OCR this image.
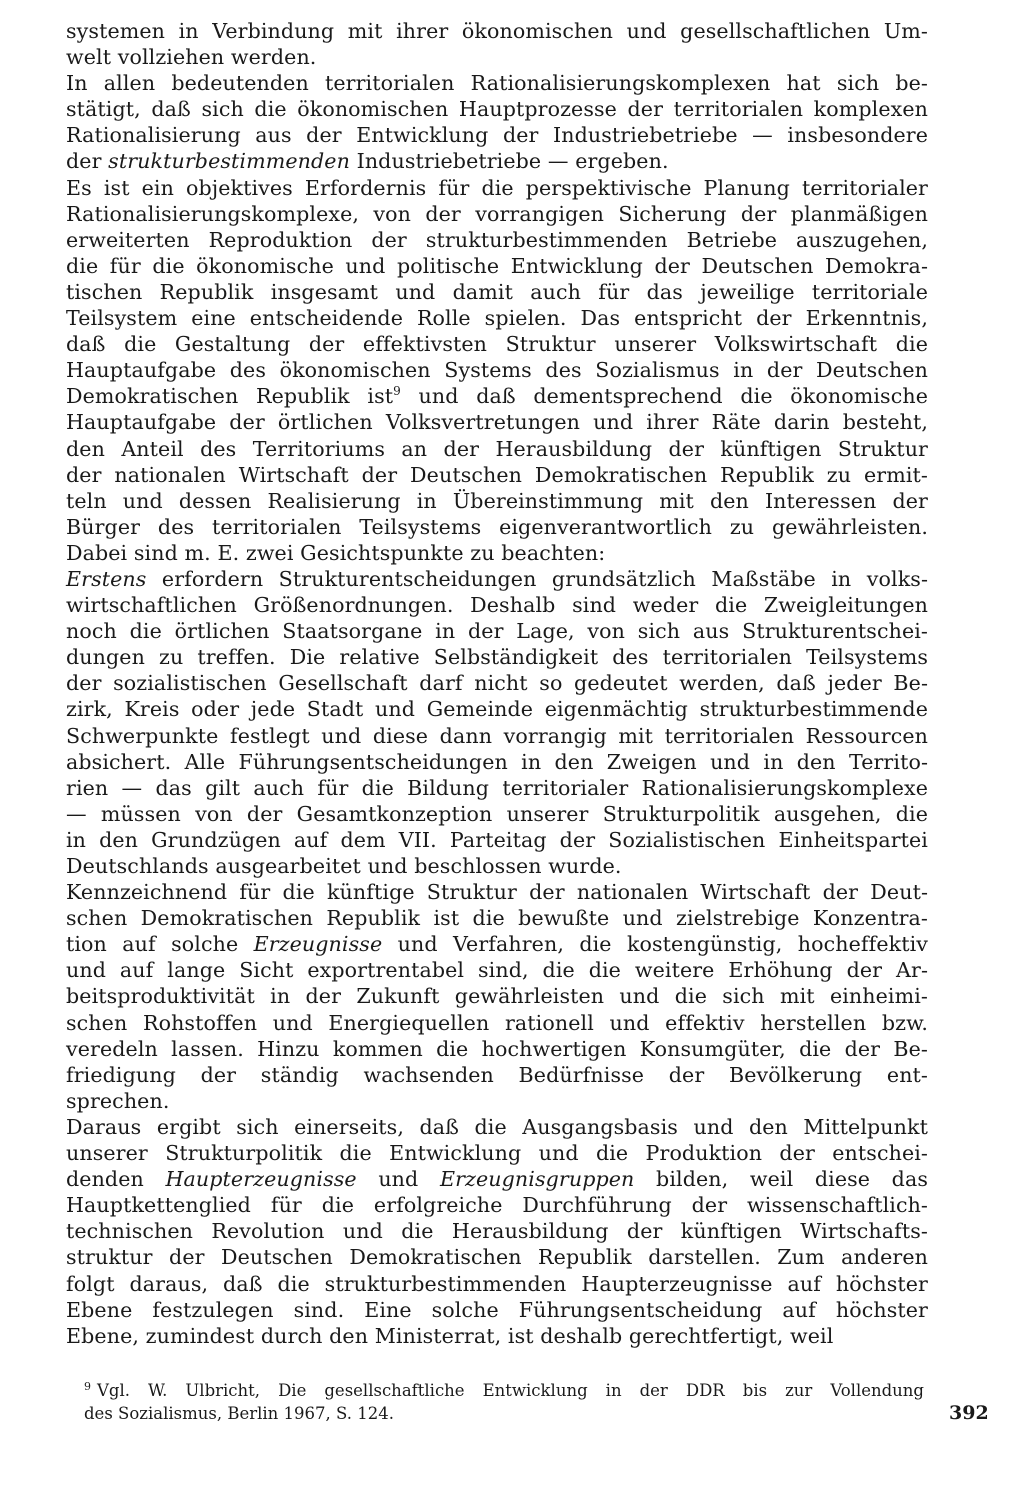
systemen in Verbindung mit ihrer ökonomischen und gesellschaftlichen Um-
welt vollziehen werden.
In allen bedeutenden territorialen Rationalisierungskomplexen hat sich be-
stätigt, daß sich die ökonomischen Hauptprozesse der territorialen komplexen
Rationalisierung aus der Entwicklung der Industriebetriebe — insbesondere
der strukturbestimmenden Industriebetriebe — ergeben.
Es ist ein objektives Erfordernis für die perspektivische Planung territorialer
Rationalisierungskomplexe, von der vorrangigen Sicherung der planmäßigen
erweiterten Reproduktion der strukturbestimmenden Betriebe auszugehen,
die für die ökonomische und politische Entwicklung der Deutschen Demokra-
tischen Republik insgesamt und damit auch für das jeweilige territoriale
Teilsystem eine entscheidende Rolle spielen. Das entspricht der Erkenntnis,
daß die Gestaltung der effektivsten Struktur unserer Volkswirtschaft die
Hauptaufgabe des ökonomischen Systems des Sozialismus in der Deutschen
Demokratischen Republik ist$^9$ und daß dementsprechend die ökonomische
Hauptaufgabe der örtlichen Volksvertretungen und ihrer Räte darin besteht,
den Anteil des Territoriums an der Herausbildung der künftigen Struktur
der nationalen Wirtschaft der Deutschen Demokratischen Republik zu ermit-
teln und dessen Realisierung in Übereinstimmung mit den Interessen der
Bürger des territorialen Teilsystems eigenverantwortlich zu gewährleisten.
Dabei sind m. E. zwei Gesichtspunkte zu beachten:
Erstens erfordern Strukturentscheidungen grundsätzlich Maßstäbe in volks-
wirtschaftlichen Größenordnungen. Deshalb sind weder die Zweigleitungen
noch die örtlichen Staatsorgane in der Lage, von sich aus Strukturentschei-
dungen zu treffen. Die relative Selbständigkeit des territorialen Teilsystems
der sozialistischen Gesellschaft darf nicht so gedeutet werden, daß jeder Be-
zirk, Kreis oder jede Stadt und Gemeinde eigenmächtig strukturbestimmende
Schwerpunkte festlegt und diese dann vorrangig mit territorialen Ressourcen
absichert. Alle Führungsentscheidungen in den Zweigen und in den Territo-
rien — das gilt auch für die Bildung territorialer Rationalisierungskomplexe
— müssen von der Gesamtkonzeption unserer Strukturpolitik ausgehen, die
in den Grundzügen auf dem VII. Parteitag der Sozialistischen Einheitspartei
Deutschlands ausgearbeitet und beschlossen wurde.
Kennzeichnend für die künftige Struktur der nationalen Wirtschaft der Deut-
schen Demokratischen Republik ist die bewußte und zielstrebige Konzentra-
tion auf solche Erzeugnisse und Verfahren, die kostengünstig, hocheffektiv
und auf lange Sicht exportrentabel sind, die die weitere Erhöhung der Ar-
beitsproduktivität in der Zukunft gewährleisten und die sich mit einheimi-
schen Rohstoffen und Energiequellen rationell und effektiv herstellen bzw.
veredeln lassen. Hinzu kommen die hochwertigen Konsumgüter, die der Be-
friedigung der ständig wachsenden Bedürfnisse der Bevölkerung ent-
sprechen.
Daraus ergibt sich einerseits, daß die Ausgangsbasis und den Mittelpunkt
unserer Strukturpolitik die Entwicklung und die Produktion der entschei-
denden Haupterzeugnisse und Erzeugnisgruppen bilden, weil diese das
Hauptkettenglied für die erfolgreiche Durchführung der wissenschaftlich-
technischen Revolution und die Herausbildung der künftigen Wirtschafts-
struktur der Deutschen Demokratischen Republik darstellen. Zum anderen
folgt daraus, daß die strukturbestimmenden Haupterzeugnisse auf höchster
Ebene festzulegen sind. Eine solche Führungsentscheidung auf höchster
Ebene, zumindest durch den Ministerrat, ist deshalb gerechtfertigt, weil
$^9$ Vgl. W. Ulbricht, Die gesellschaftliche Entwicklung in der DDR bis zur Vollendung
des Sozialismus, Berlin 1967, S. 124.	392
